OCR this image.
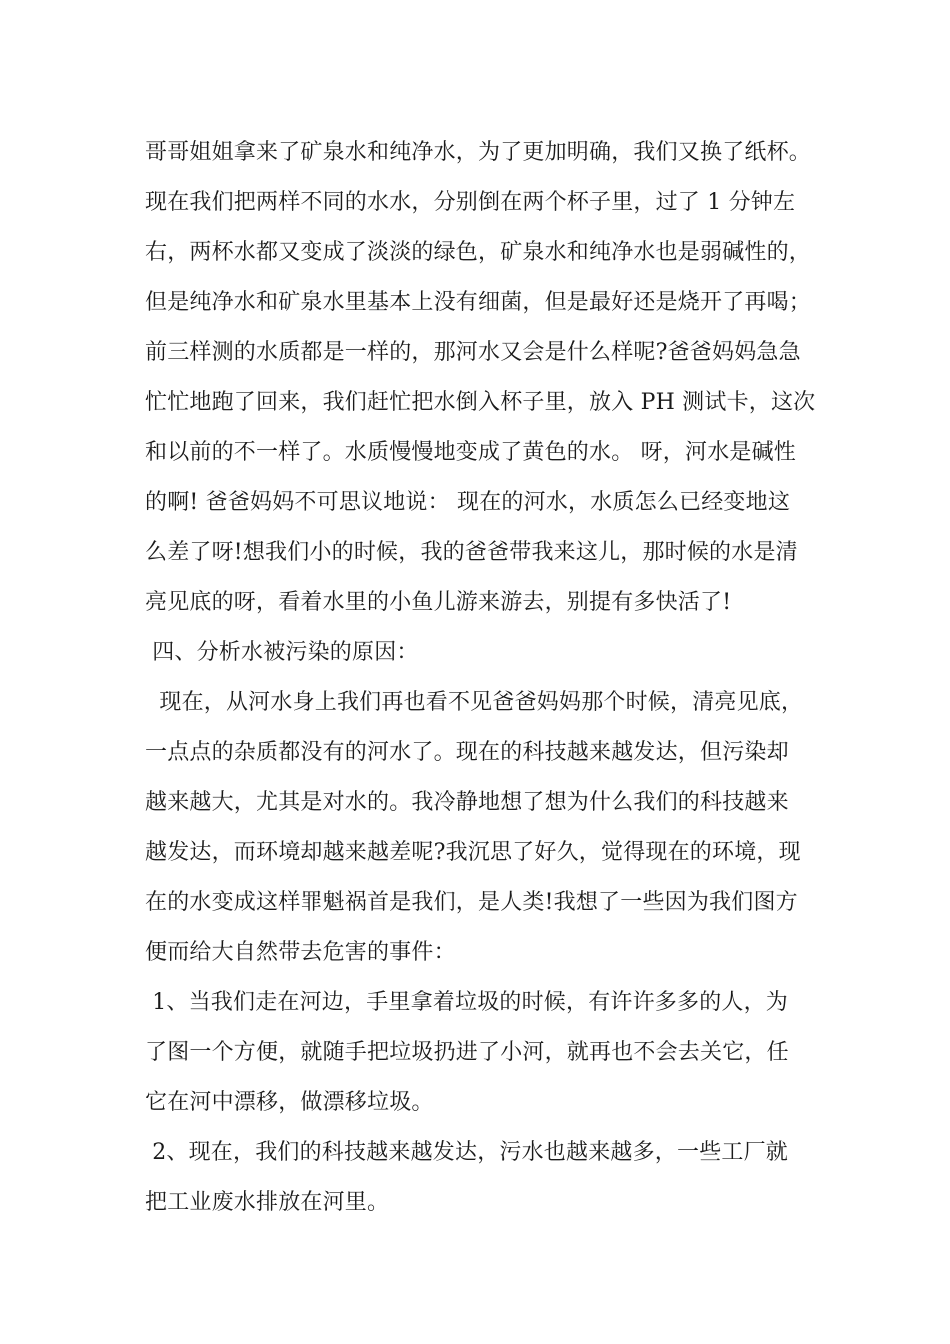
哥哥姐姐拿来了矿泉水和纯净水，为了更加明确，我们又换了纸杯。
现在我们把两样不同的水水，分别倒在两个杯子里，过了 1 分钟左
右，两杯水都又变成了淡淡的绿色，矿泉水和纯净水也是弱碱性的，
但是纯净水和矿泉水里基本上没有细菌，但是最好还是烧开了再喝；
前三样测的水质都是一样的，那河水又会是什么样呢?爸爸妈妈急急
忙忙地跑了回来，我们赶忙把水倒入杯子里，放入 PH 测试卡，这次
和以前的不一样了。水质慢慢地变成了黄色的水。 呀，河水是碱性
的啊! 爸爸妈妈不可思议地说： 现在的河水，水质怎么已经变地这
么差了呀!想我们小的时候，我的爸爸带我来这儿，那时候的水是清
亮见底的呀，看着水里的小鱼儿游来游去，别提有多快活了!
四、分析水被污染的原因：
现在，从河水身上我们再也看不见爸爸妈妈那个时候，清亮见底，
一点点的杂质都没有的河水了。现在的科技越来越发达，但污染却
越来越大，尤其是对水的。我冷静地想了想为什么我们的科技越来
越发达，而环境却越来越差呢?我沉思了好久，觉得现在的环境，现
在的水变成这样罪魁祸首是我们，是人类!我想了一些因为我们图方
便而给大自然带去危害的事件：
1、当我们走在河边，手里拿着垃圾的时候，有许许多多的人，为
了图一个方便，就随手把垃圾扔进了小河，就再也不会去关它，任
它在河中漂移，做漂移垃圾。
2、现在，我们的科技越来越发达，污水也越来越多，一些工厂就
把工业废水排放在河里。
